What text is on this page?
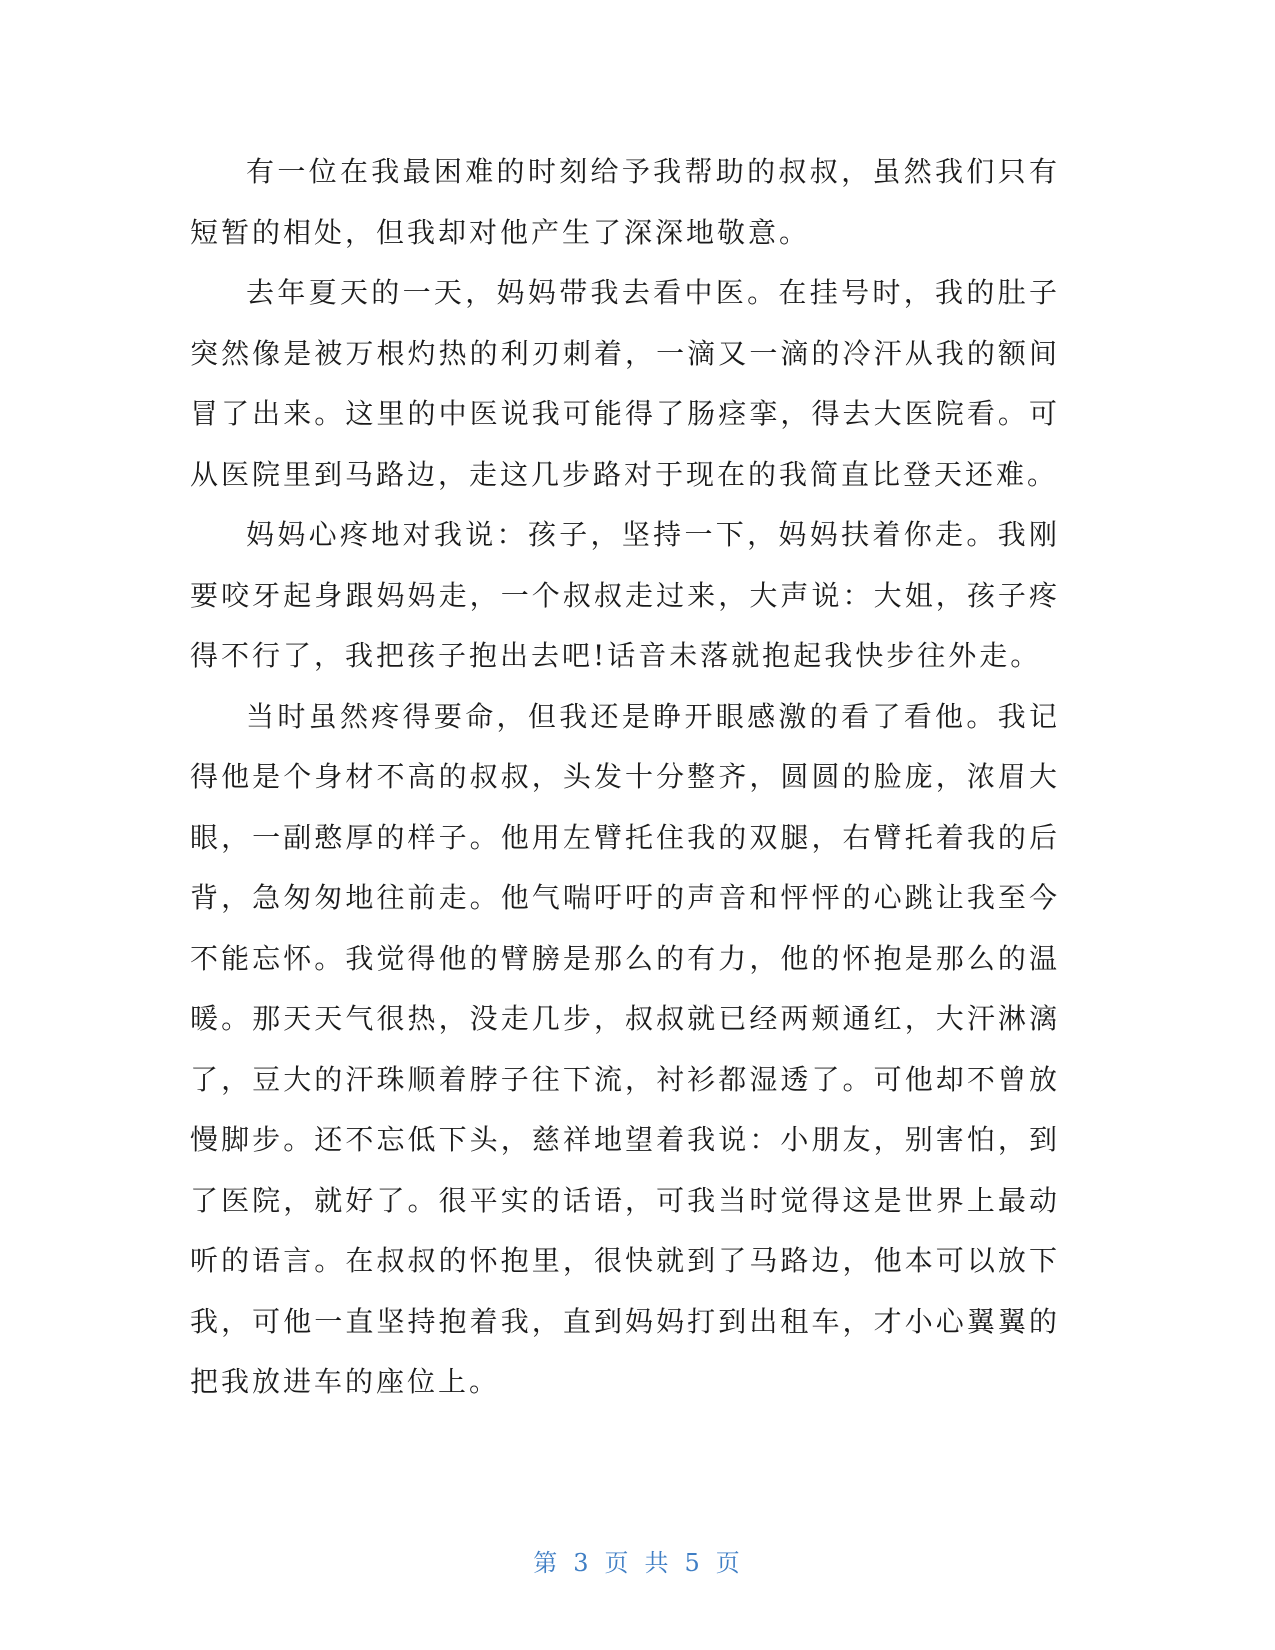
有一位在我最困难的时刻给予我帮助的叔叔，虽然我们只有短暂的相处，但我却对他产生了深深地敬意。

去年夏天的一天，妈妈带我去看中医。在挂号时，我的肚子突然像是被万根灼热的利刃刺着，一滴又一滴的冷汗从我的额间冒了出来。这里的中医说我可能得了肠痉挛，得去大医院看。可从医院里到马路边，走这几步路对于现在的我简直比登天还难。

妈妈心疼地对我说：孩子，坚持一下，妈妈扶着你走。我刚要咬牙起身跟妈妈走，一个叔叔走过来，大声说：大姐，孩子疼得不行了，我把孩子抱出去吧!话音未落就抱起我快步往外走。

当时虽然疼得要命，但我还是睁开眼感激的看了看他。我记得他是个身材不高的叔叔，头发十分整齐，圆圆的脸庞，浓眉大眼，一副憨厚的样子。他用左臂托住我的双腿，右臂托着我的后背，急匆匆地往前走。他气喘吁吁的声音和怦怦的心跳让我至今不能忘怀。我觉得他的臂膀是那么的有力，他的怀抱是那么的温暖。那天天气很热，没走几步，叔叔就已经两颊通红，大汗淋漓了，豆大的汗珠顺着脖子往下流，衬衫都湿透了。可他却不曾放慢脚步。还不忘低下头，慈祥地望着我说：小朋友，别害怕，到了医院，就好了。很平实的话语，可我当时觉得这是世界上最动听的语言。在叔叔的怀抱里，很快就到了马路边，他本可以放下我，可他一直坚持抱着我，直到妈妈打到出租车，才小心翼翼的把我放进车的座位上。

第 3 页 共 5 页
